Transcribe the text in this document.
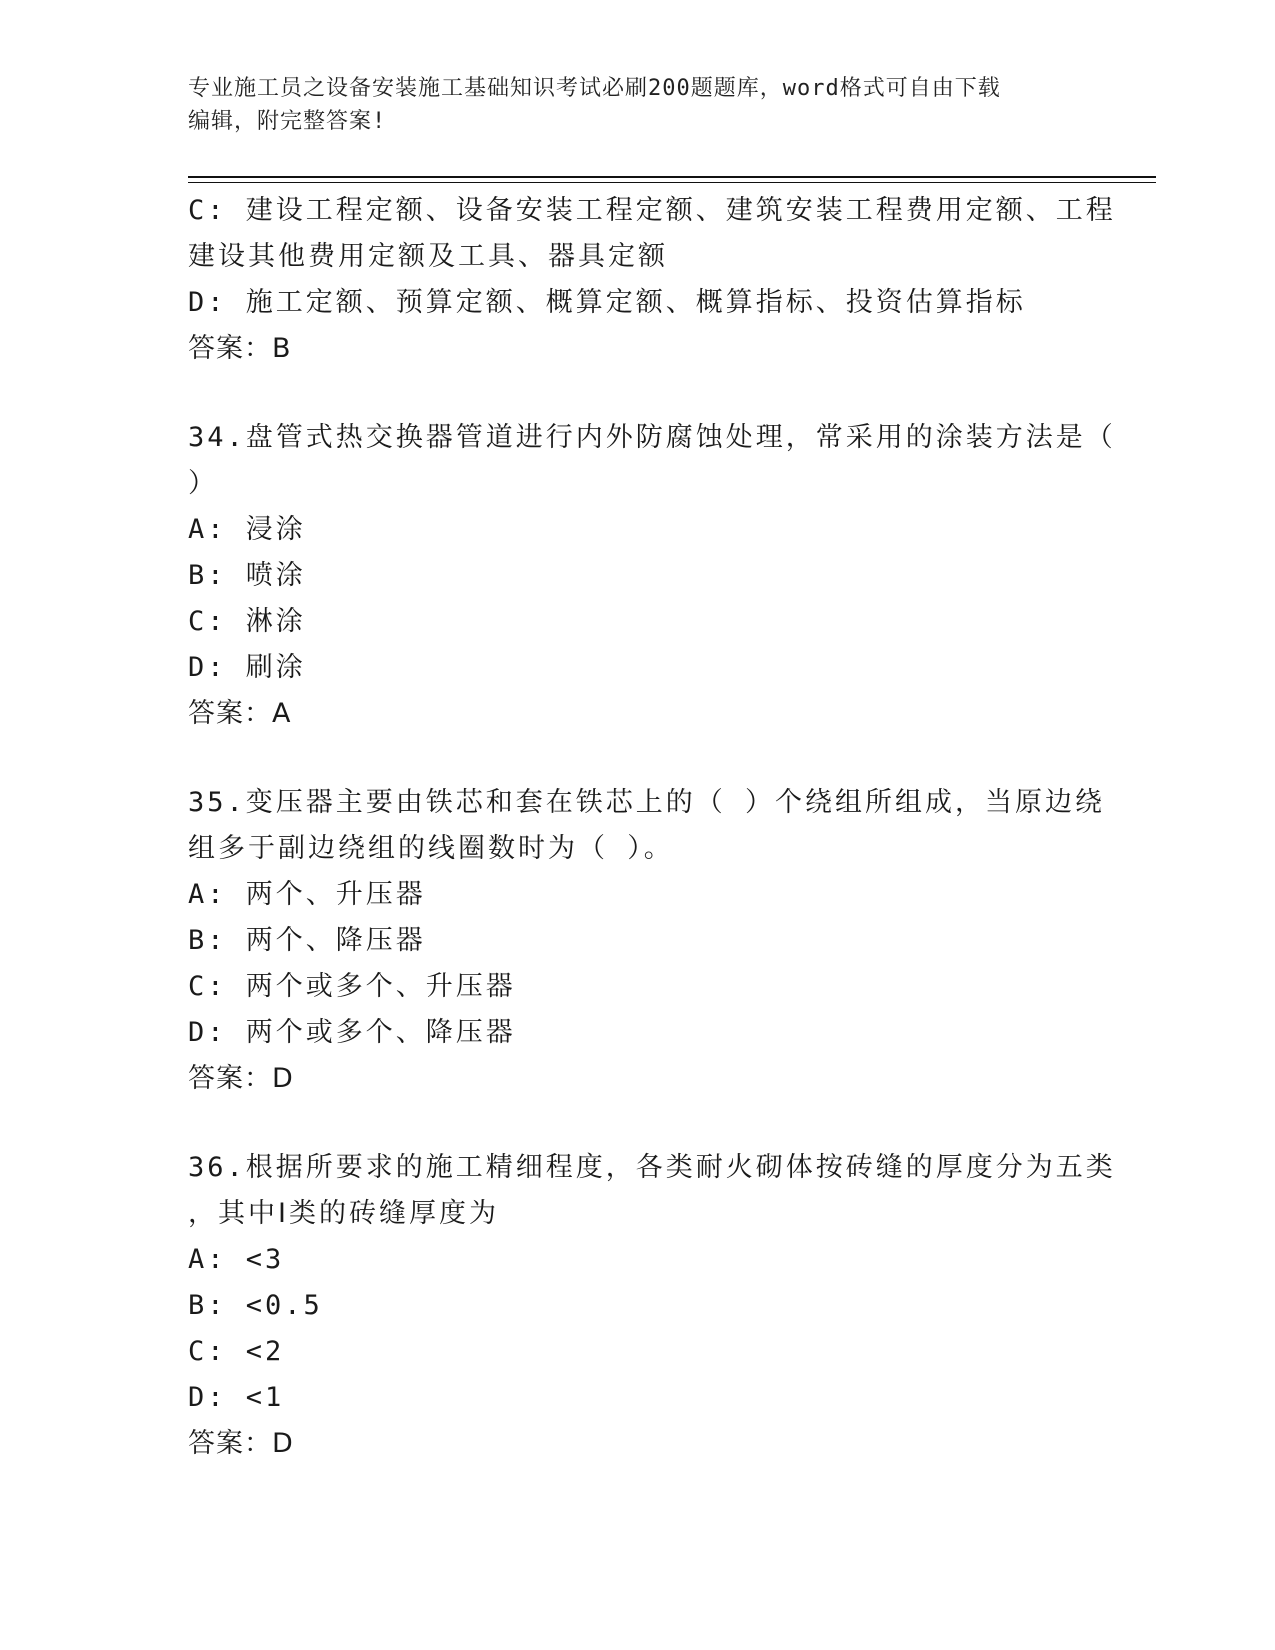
专业施工员之设备安装施工基础知识考试必刷200题题库，word格式可自由下载
编辑，附完整答案!
C: 建设工程定额、设备安装工程定额、建筑安装工程费用定额、工程
建设其他费用定额及工具、器具定额
D: 施工定额、预算定额、概算定额、概算指标、投资估算指标
答案：B
34.盘管式热交换器管道进行内外防腐蚀处理，常采用的涂装方法是（
）
A: 浸涂
B: 喷涂
C: 淋涂
D: 刷涂
答案：A
35.变压器主要由铁芯和套在铁芯上的（ ）个绕组所组成，当原边绕
组多于副边绕组的线圈数时为（ ）。
A: 两个、升压器
B: 两个、降压器
C: 两个或多个、升压器
D: 两个或多个、降压器
答案：D
36.根据所要求的施工精细程度，各类耐火砌体按砖缝的厚度分为五类
，其中Ⅰ类的砖缝厚度为
A: <3
B: <0.5
C: <2
D: <1
答案：D
